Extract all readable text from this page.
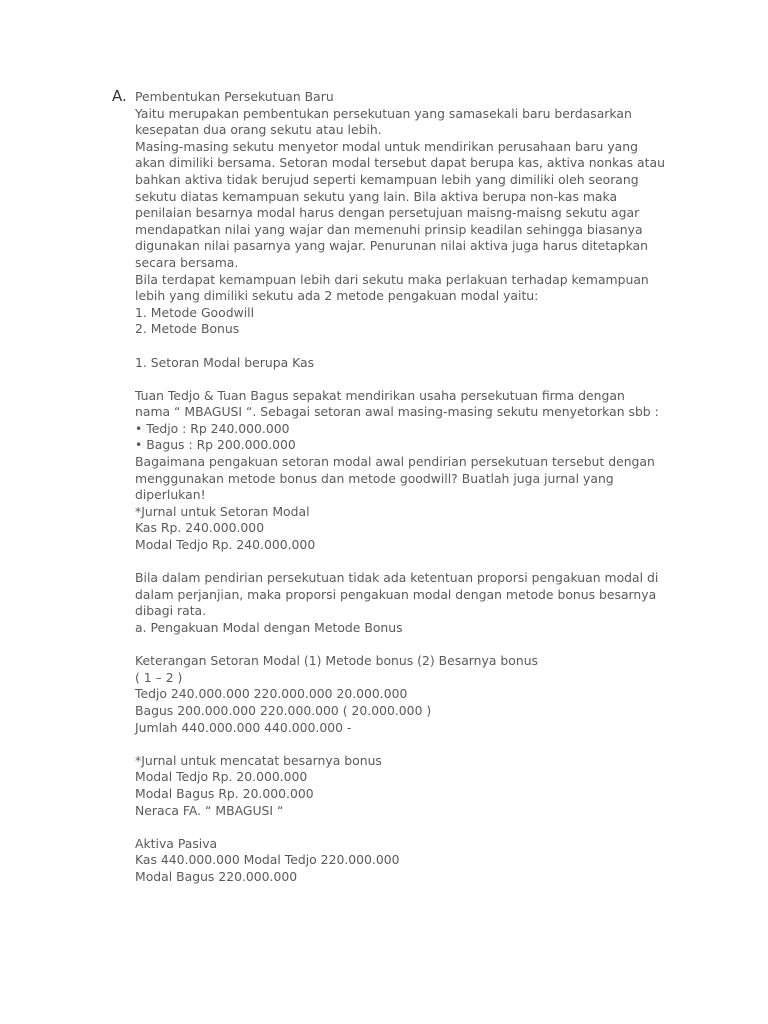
A. Pembentukan Persekutuan Baru
Yaitu merupakan pembentukan persekutuan yang samasekali baru berdasarkan
kesepatan dua orang sekutu atau lebih.
Masing-masing sekutu menyetor modal untuk mendirikan perusahaan baru yang
akan dimiliki bersama. Setoran modal tersebut dapat berupa kas, aktiva nonkas atau
bahkan aktiva tidak berujud seperti kemampuan lebih yang dimiliki oleh seorang
sekutu diatas kemampuan sekutu yang lain. Bila aktiva berupa non-kas maka
penilaian besarnya modal harus dengan persetujuan maisng-maisng sekutu agar
mendapatkan nilai yang wajar dan memenuhi prinsip keadilan sehingga biasanya
digunakan nilai pasarnya yang wajar. Penurunan nilai aktiva juga harus ditetapkan
secara bersama.
Bila terdapat kemampuan lebih dari sekutu maka perlakuan terhadap kemampuan
lebih yang dimiliki sekutu ada 2 metode pengakuan modal yaitu:
1. Metode Goodwill
2. Metode Bonus
1. Setoran Modal berupa Kas
Tuan Tedjo & Tuan Bagus sepakat mendirikan usaha persekutuan firma dengan
nama “ MBAGUSI “. Sebagai setoran awal masing-masing sekutu menyetorkan sbb :
• Tedjo : Rp 240.000.000
• Bagus : Rp 200.000.000
Bagaimana pengakuan setoran modal awal pendirian persekutuan tersebut dengan
menggunakan metode bonus dan metode goodwill? Buatlah juga jurnal yang
diperlukan!
*Jurnal untuk Setoran Modal
Kas Rp. 240.000.000
Modal Tedjo Rp. 240.000.000
Bila dalam pendirian persekutuan tidak ada ketentuan proporsi pengakuan modal di
dalam perjanjian, maka proporsi pengakuan modal dengan metode bonus besarnya
dibagi rata.
a. Pengakuan Modal dengan Metode Bonus
Keterangan Setoran Modal (1) Metode bonus (2) Besarnya bonus
( 1 – 2 )
Tedjo 240.000.000 220.000.000 20.000.000
Bagus 200.000.000 220.000.000 ( 20.000.000 )
Jumlah 440.000.000 440.000.000 -
*Jurnal untuk mencatat besarnya bonus
Modal Tedjo Rp. 20.000.000
Modal Bagus Rp. 20.000.000
Neraca FA. “ MBAGUSI “
Aktiva Pasiva
Kas 440.000.000 Modal Tedjo 220.000.000
Modal Bagus 220.000.000
